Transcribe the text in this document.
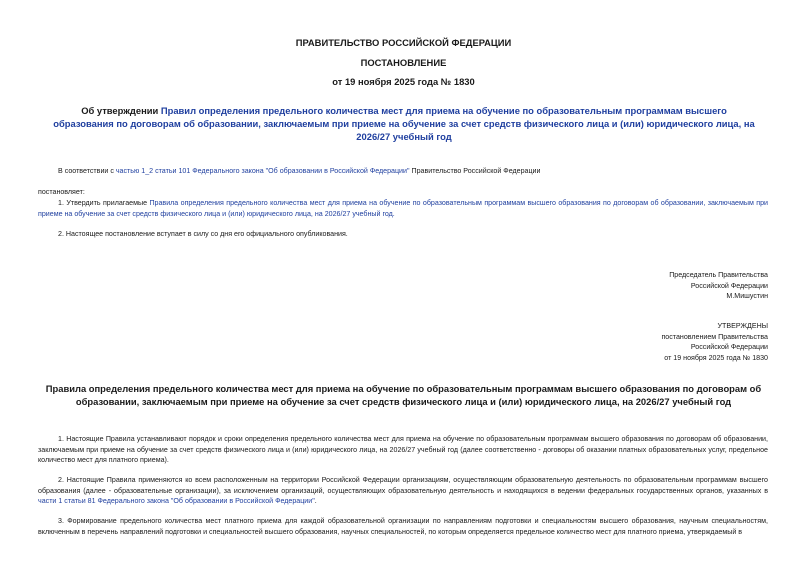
ПРАВИТЕЛЬСТВО РОССИЙСКОЙ ФЕДЕРАЦИИ
ПОСТАНОВЛЕНИЕ
от 19 ноября 2025 года № 1830
Об утверждении Правил определения предельного количества мест для приема на обучение по образовательным программам высшего образования по договорам об образовании, заключаемым при приеме на обучение за счет средств физического лица и (или) юридического лица, на 2026/27 учебный год
В соответствии с частью 1_2 статьи 101 Федерального закона "Об образовании в Российской Федерации" Правительство Российской Федерации
постановляет:
1. Утвердить прилагаемые Правила определения предельного количества мест для приема на обучение по образовательным программам высшего образования по договорам об образовании, заключаемым при приеме на обучение за счет средств физического лица и (или) юридического лица, на 2026/27 учебный год.
2. Настоящее постановление вступает в силу со дня его официального опубликования.
Председатель Правительства
Российской Федерации
М.Мишустин
УТВЕРЖДЕНЫ
постановлением Правительства
Российской Федерации
от 19 ноября 2025 года № 1830
Правила определения предельного количества мест для приема на обучение по образовательным программам высшего образования по договорам об образовании, заключаемым при приеме на обучение за счет средств физического лица и (или) юридического лица, на 2026/27 учебный год
1. Настоящие Правила устанавливают порядок и сроки определения предельного количества мест для приема на обучение по образовательным программам высшего образования по договорам об образовании, заключаемым при приеме на обучение за счет средств физического лица и (или) юридического лица, на 2026/27 учебный год (далее соответственно - договоры об оказании платных образовательных услуг, предельное количество мест для платного приема).
2. Настоящие Правила применяются ко всем расположенным на территории Российской Федерации организациям, осуществляющим образовательную деятельность по образовательным программам высшего образования (далее - образовательные организации), за исключением организаций, осуществляющих образовательную деятельность и находящихся в ведении федеральных государственных органов, указанных в части 1 статьи 81 Федерального закона "Об образовании в Российской Федерации".
3. Формирование предельного количества мест платного приема для каждой образовательной организации по направлениям подготовки и специальностям высшего образования, научным специальностям, включенным в перечень направлений подготовки и специальностей высшего образования, научных специальностей, по которым определяется предельное количество мест для платного приема, утверждаемый в
